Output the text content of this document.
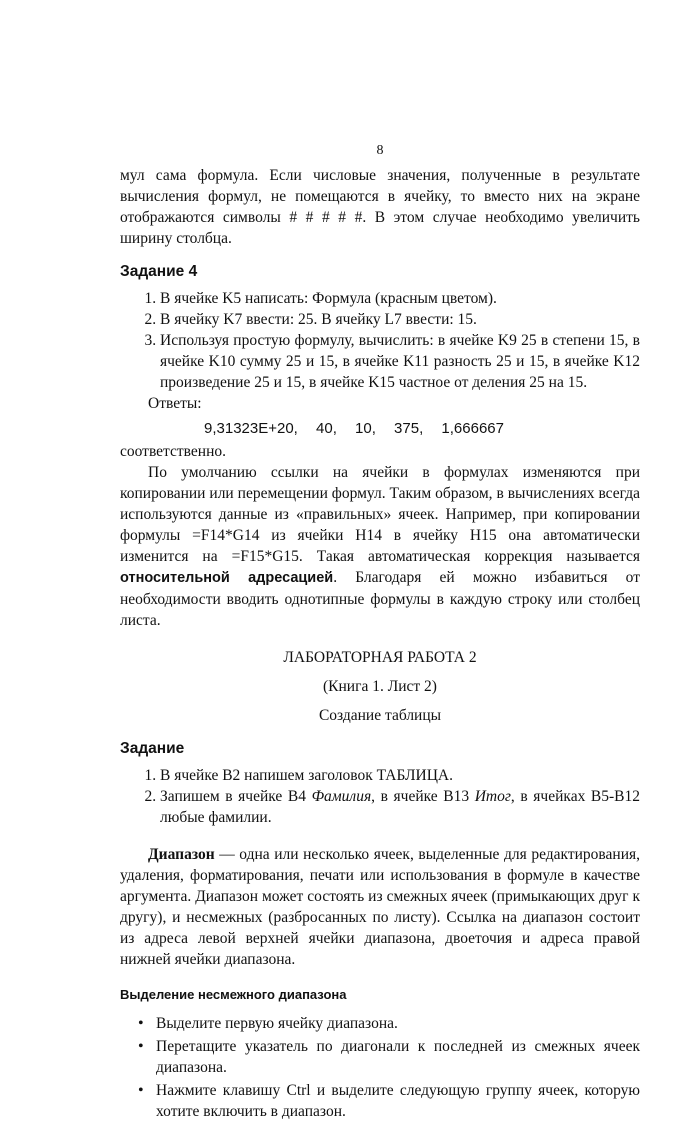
8

мул сама формула. Если числовые значения, полученные в результате вычисления формул, не помещаются в ячейку, то вместо них на экране отображаются символы # # # # #. В этом случае необходимо увеличить ширину столбца.

Задание 4
1. В ячейке K5 написать: Формула (красным цветом).
2. В ячейку K7 ввести: 25. В ячейку L7 ввести: 15.
3. Используя простую формулу, вычислить: в ячейке K9 25 в степени 15, в ячейке K10 сумму 25 и 15, в ячейке K11 разность 25 и 15, в ячейке K12 произведение 25 и 15, в ячейке K15 частное от деления 25 на 15.
Ответы:
9,31323E+20, 40, 10, 375, 1,666667
соответственно.

По умолчанию ссылки на ячейки в формулах изменяются при копировании или перемещении формул. Таким образом, в вычислениях всегда используются данные из «правильных» ячеек. Например, при копировании формулы =F14*G14 из ячейки H14 в ячейку H15 она автоматически изменится на =F15*G15. Такая автоматическая коррекция называется относительной адресацией. Благодаря ей можно избавиться от необходимости вводить однотипные формулы в каждую строку или столбец листа.

ЛАБОРАТОРНАЯ РАБОТА 2
(Книга 1. Лист 2)
Создание таблицы
Задание
1. В ячейке B2 напишем заголовок ТАБЛИЦА.
2. Запишем в ячейке B4 Фамилия, в ячейке B13 Итог, в ячейках B5-B12 любые фамилии.

Диапазон — одна или несколько ячеек, выделенные для редактирования, удаления, форматирования, печати или использования в формуле в качестве аргумента. Диапазон может состоять из смежных ячеек (примыкающих друг к другу), и несмежных (разбросанных по листу). Ссылка на диапазон состоит из адреса левой верхней ячейки диапазона, двоеточия и адреса правой нижней ячейки диапазона.

Выделение несмежного диапазона
• Выделите первую ячейку диапазона.
• Перетащите указатель по диагонали к последней из смежных ячеек диапазона.
• Нажмите клавишу Ctrl и выделите следующую группу ячеек, которую хотите включить в диапазон.
